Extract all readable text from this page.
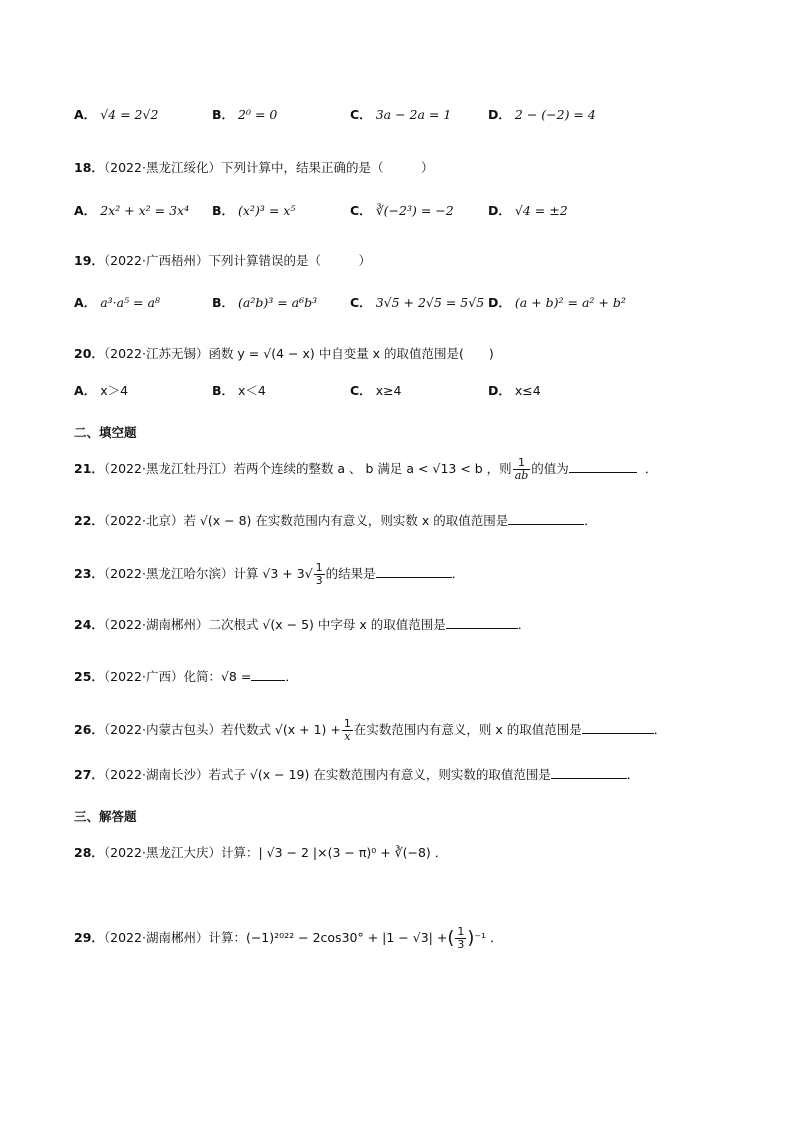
A． √4 = 2√2	B． 2⁰ = 0	C． 3a − 2a = 1	D． 2 − (−2) = 4
18．（2022·黑龙江绥化）下列计算中，结果正确的是（　　　）
A． 2x² + x² = 3x⁴ B． (x²)³ = x⁵	C． ∛(−2³) = −2	D． √4 = ±2
19．（2022·广西梧州）下列计算错误的是（　　　）
A． a³·a⁵ = a⁸	B． (a²b)³ = a⁶b³	C． 3√5 + 2√5 = 5√5 D． (a + b)² = a² + b²
20．（2022·江苏无锡）函数 y = √(4 − x) 中自变量 x 的取值范围是(　　)
A． x＞4	B． x＜4	C． x≥4	D． x≤4
二、填空题
21．（2022·黑龙江牡丹江）若两个连续的整数 a 、 b 满足 a < √13 < b ，则 $\frac{1}{ab}$ 的值为	．
22．（2022·北京）若 √(x − 8) 在实数范围内有意义，则实数 x 的取值范围是	．
23．（2022·黑龙江哈尔滨）计算 $√3 + 3√ \frac{1}{3}$ 的结果是	．
24．（2022·湖南郴州）二次根式 √(x − 5) 中字母 x 的取值范围是	．
25．（2022·广西）化简：√8 =	．
26．（2022·内蒙古包头）若代数式 $√(x + 1) + \frac{1}{x}$ 在实数范围内有意义，则 x 的取值范围是	．
27．（2022·湖南长沙）若式子 √(x − 19) 在实数范围内有意义，则实数的取值范围是	．
三、解答题
28．（2022·黑龙江大庆）计算：| √3 − 2 |×(3 − π)⁰ + ∛(−8) ．
29．（2022·湖南郴州）计算：(−1)²⁰²² − 2cos30° + |1 − √3| +( $\frac{1}{3} )^{-1}$ ．
